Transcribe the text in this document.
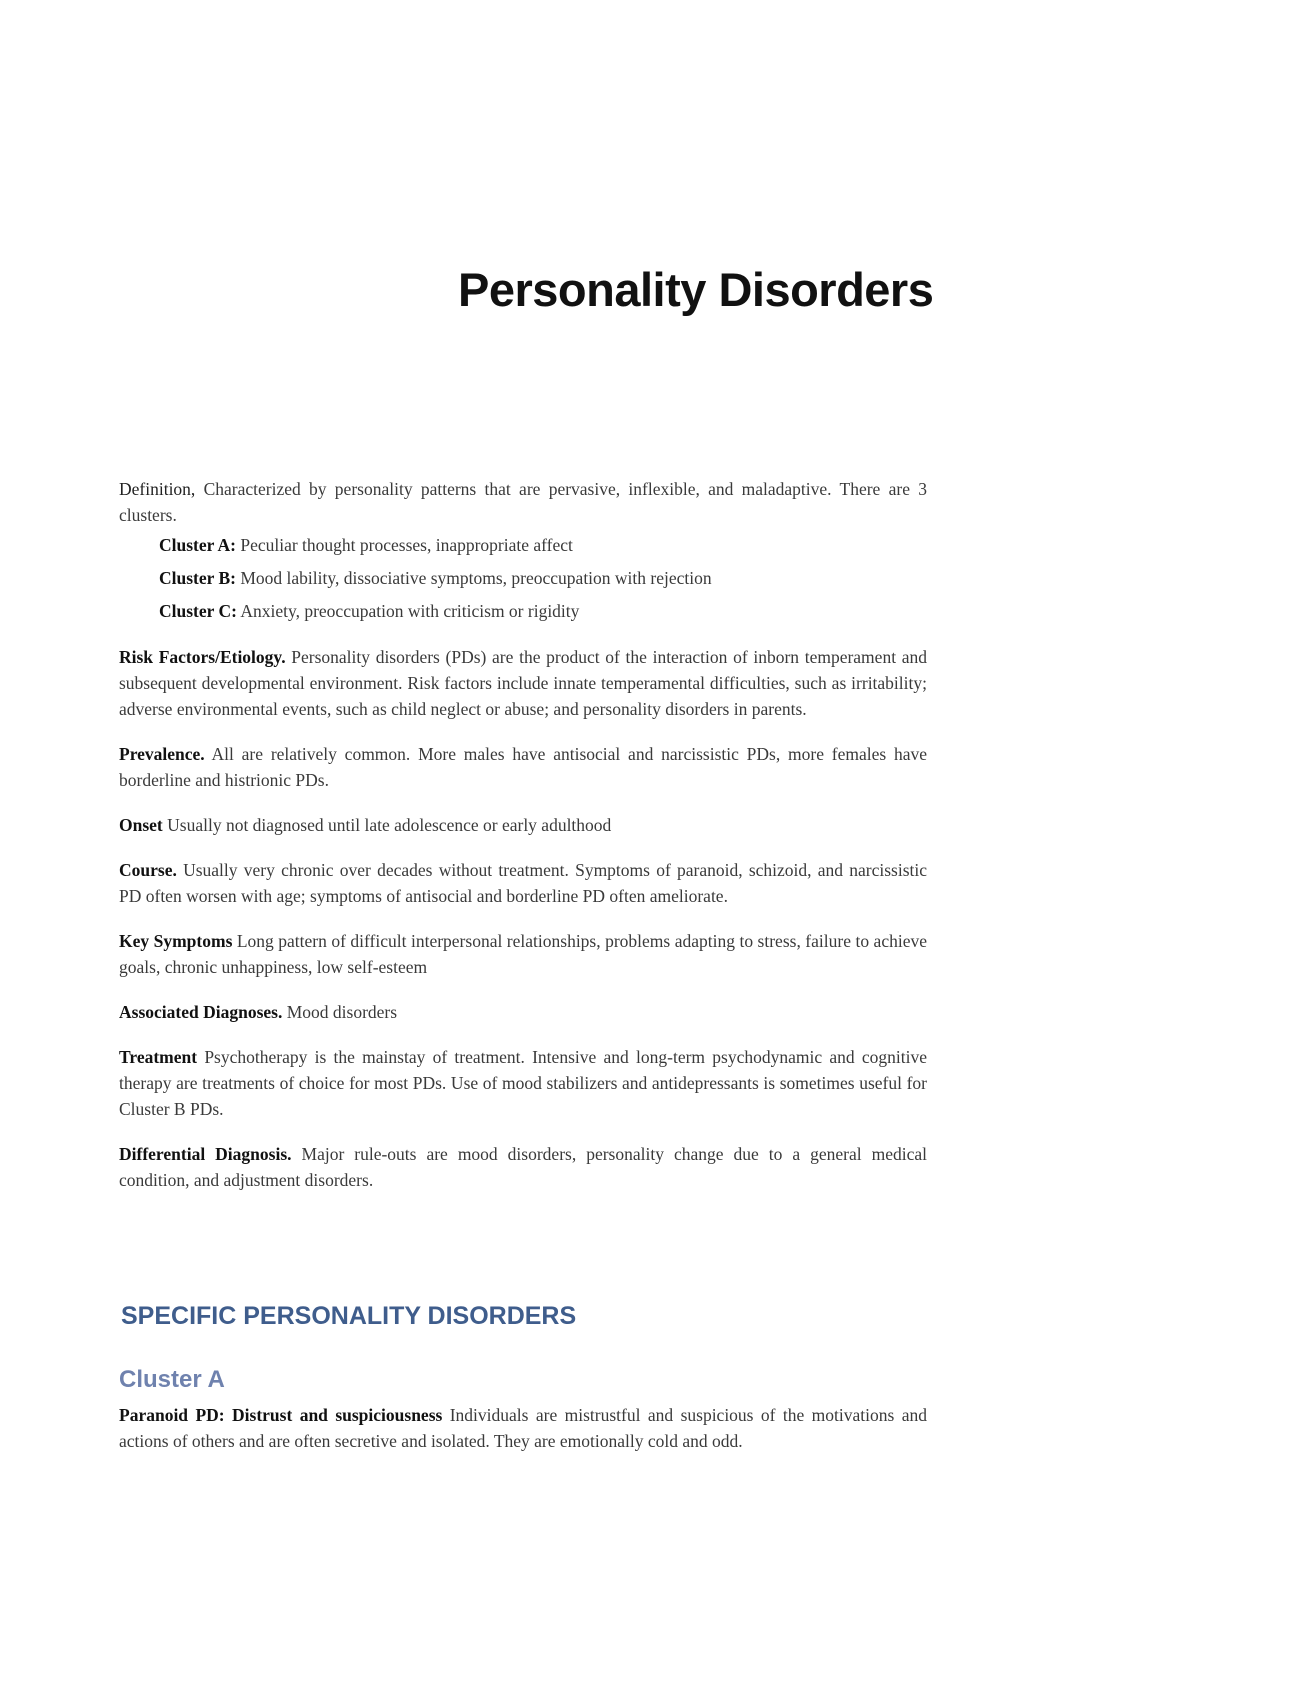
Personality Disorders

Definition, Characterized by personality patterns that are pervasive, inflexible, and maladaptive. There are 3 clusters.

Cluster A: Peculiar thought processes, inappropriate affect
Cluster B: Mood lability, dissociative symptoms, preoccupation with rejection
Cluster C: Anxiety, preoccupation with criticism or rigidity

Risk Factors/Etiology. Personality disorders (PDs) are the product of the interaction of inborn temperament and subsequent developmental environment. Risk factors include innate temperamental difficulties, such as irritability; adverse environmental events, such as child neglect or abuse; and personality disorders in parents.

Prevalence. All are relatively common. More males have antisocial and narcissistic PDs, more females have borderline and histrionic PDs.

Onset Usually not diagnosed until late adolescence or early adulthood

Course. Usually very chronic over decades without treatment. Symptoms of paranoid, schizoid, and narcissistic PD often worsen with age; symptoms of antisocial and borderline PD often ameliorate.

Key Symptoms Long pattern of difficult interpersonal relationships, problems adapting to stress, failure to achieve goals, chronic unhappiness, low self-esteem

Associated Diagnoses. Mood disorders

Treatment Psychotherapy is the mainstay of treatment. Intensive and long-term psychodynamic and cognitive therapy are treatments of choice for most PDs. Use of mood stabilizers and antidepressants is sometimes useful for Cluster B PDs.

Differential Diagnosis. Major rule-outs are mood disorders, personality change due to a general medical condition, and adjustment disorders.

SPECIFIC PERSONALITY DISORDERS
Cluster A

Paranoid PD: Distrust and suspiciousness Individuals are mistrustful and suspicious of the motivations and actions of others and are often secretive and isolated. They are emotionally cold and odd.
